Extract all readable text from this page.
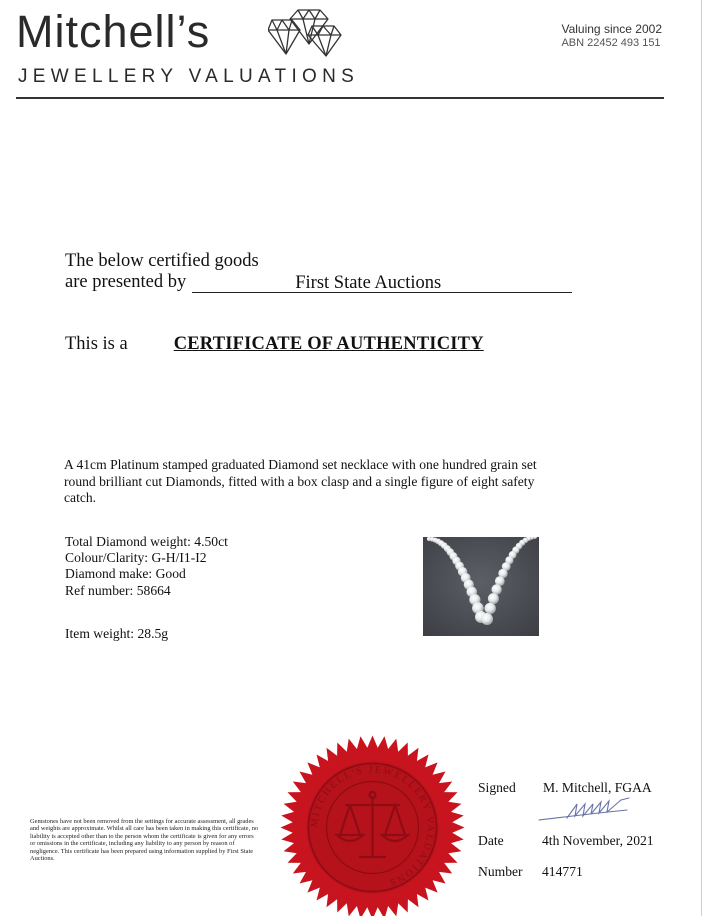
Mitchell’s
JEWELLERY VALUATIONS
Valuing since 2002
ABN 22452 493 151
The below certified goods
are presented by	First State Auctions
This is a CERTIFICATE OF AUTHENTICITY
A 41cm Platinum stamped graduated Diamond set necklace with one hundred grain set round brilliant cut Diamonds, fitted with a box clasp and a single figure of eight safety catch.
Total Diamond weight: 4.50ct
Colour/Clarity: G-H/I1-I2
Diamond make: Good
Ref number: 58664
Item weight: 28.5g
Gemstones have not been removed from the settings for accurate assessment, all grades and weights are approximate. Whilst all care has been taken in making this certificate, no liability is accepted other than to the person whom the certificate is given for any errors or omissions in the certificate, including any liability to any person by reason of negligence. This certificate has been prepared using information supplied by First State Auctions.
MITCHELL'S JEWELLERY VALUATIONS
Signed M. Mitchell, FGAA
Date	4th November, 2021
Number 414771
